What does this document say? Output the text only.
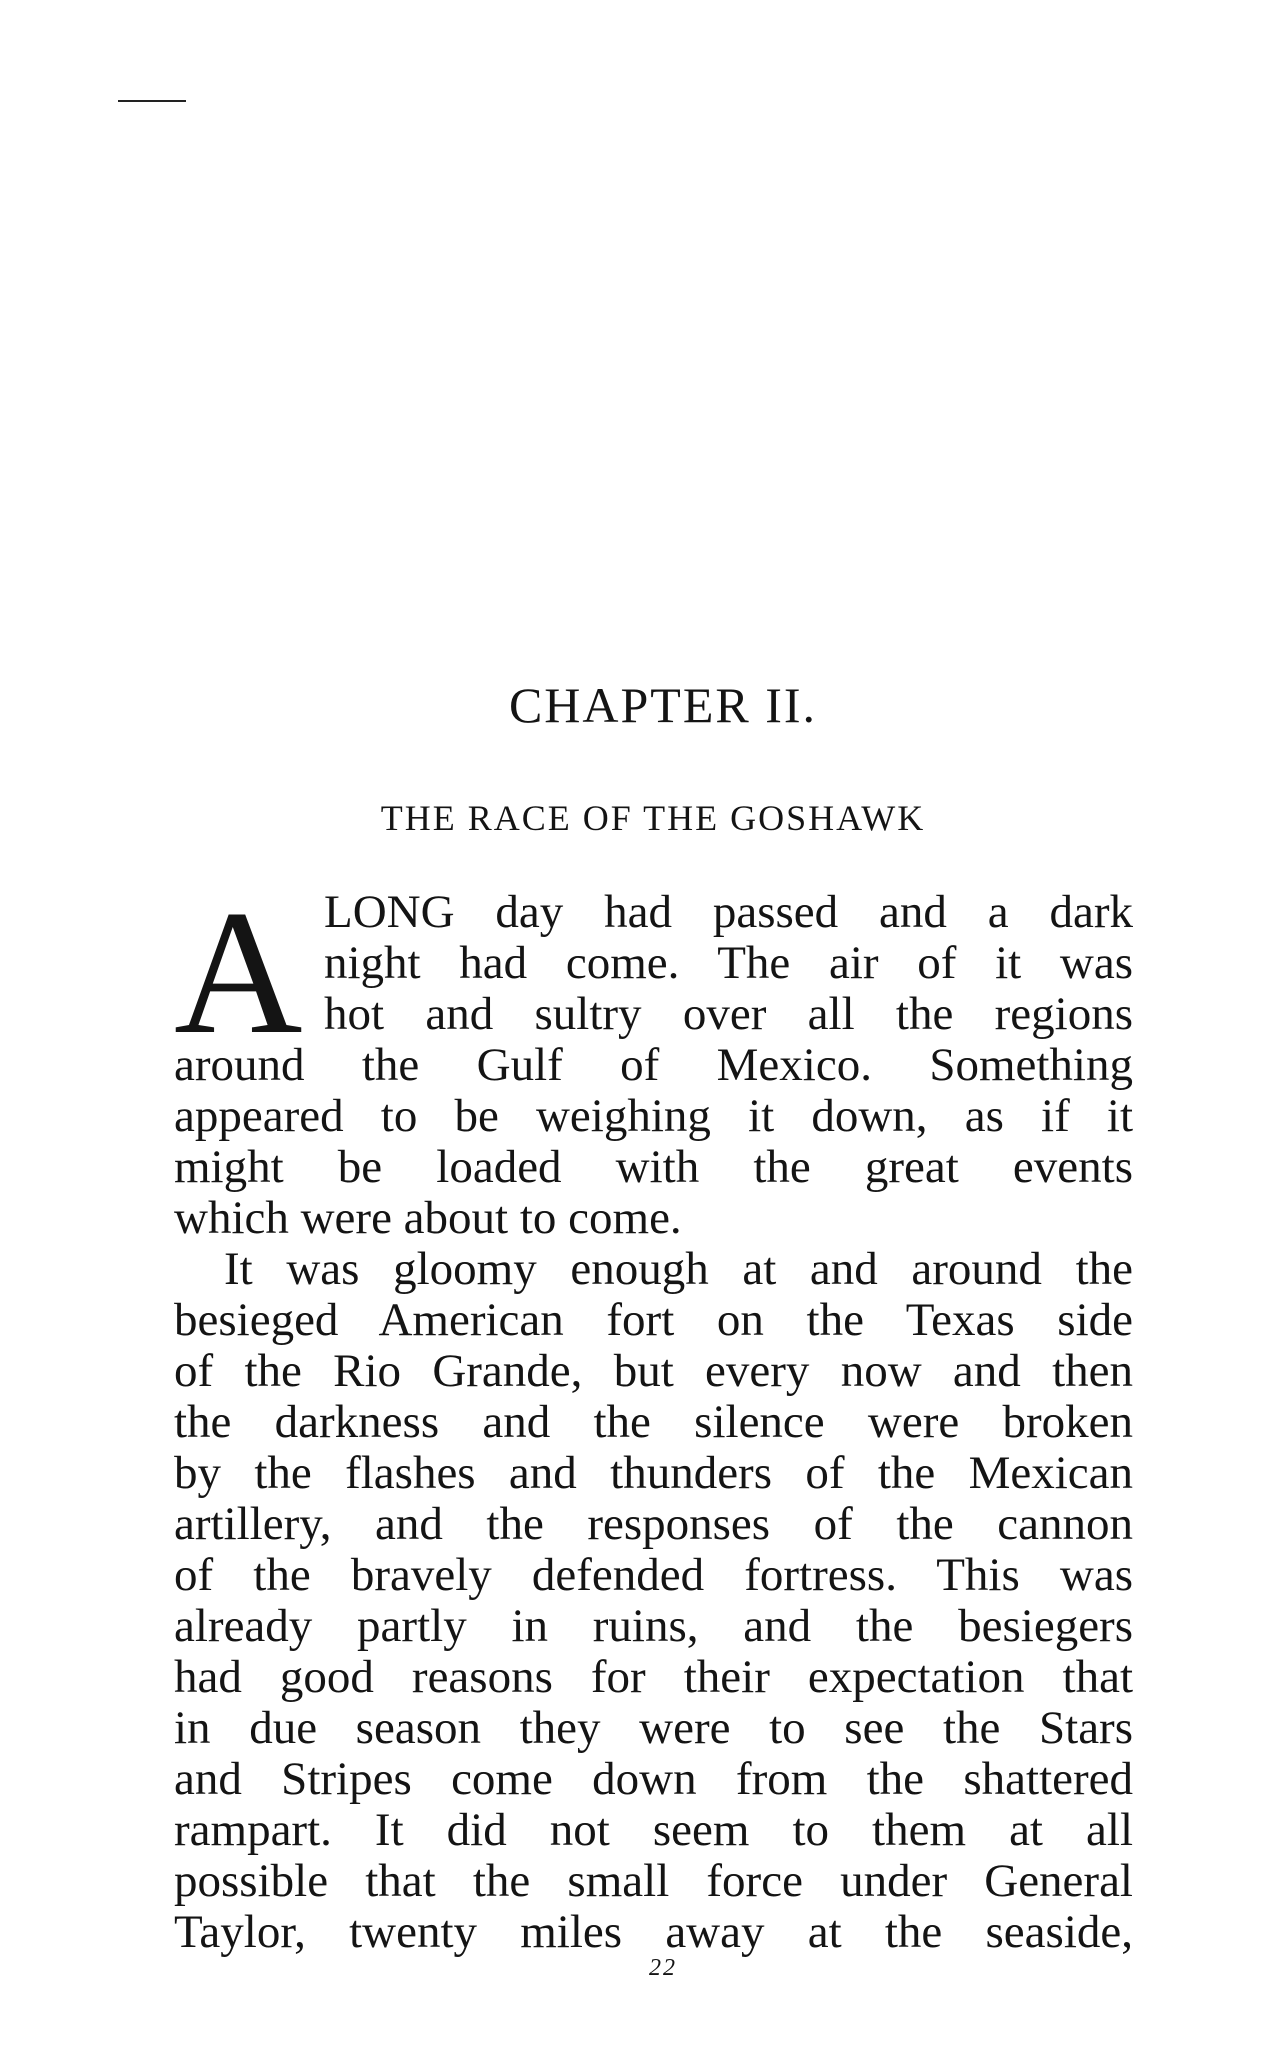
CHAPTER II.
THE RACE OF THE GOSHAWK
A LONG day had passed and a dark
night had come. The air of it was
hot and sultry over all the regions
around the Gulf of Mexico. Something
appeared to be weighing it down, as if it
might be loaded with the great events
which were about to come.
It was gloomy enough at and around the
besieged American fort on the Texas side
of the Rio Grande, but every now and then
the darkness and the silence were broken
by the flashes and thunders of the Mexican
artillery, and the responses of the cannon
of the bravely defended fortress. This was
already partly in ruins, and the besiegers
had good reasons for their expectation that
in due season they were to see the Stars
and Stripes come down from the shattered
rampart. It did not seem to them at all
possible that the small force under General
Taylor, twenty miles away at the seaside,
22
